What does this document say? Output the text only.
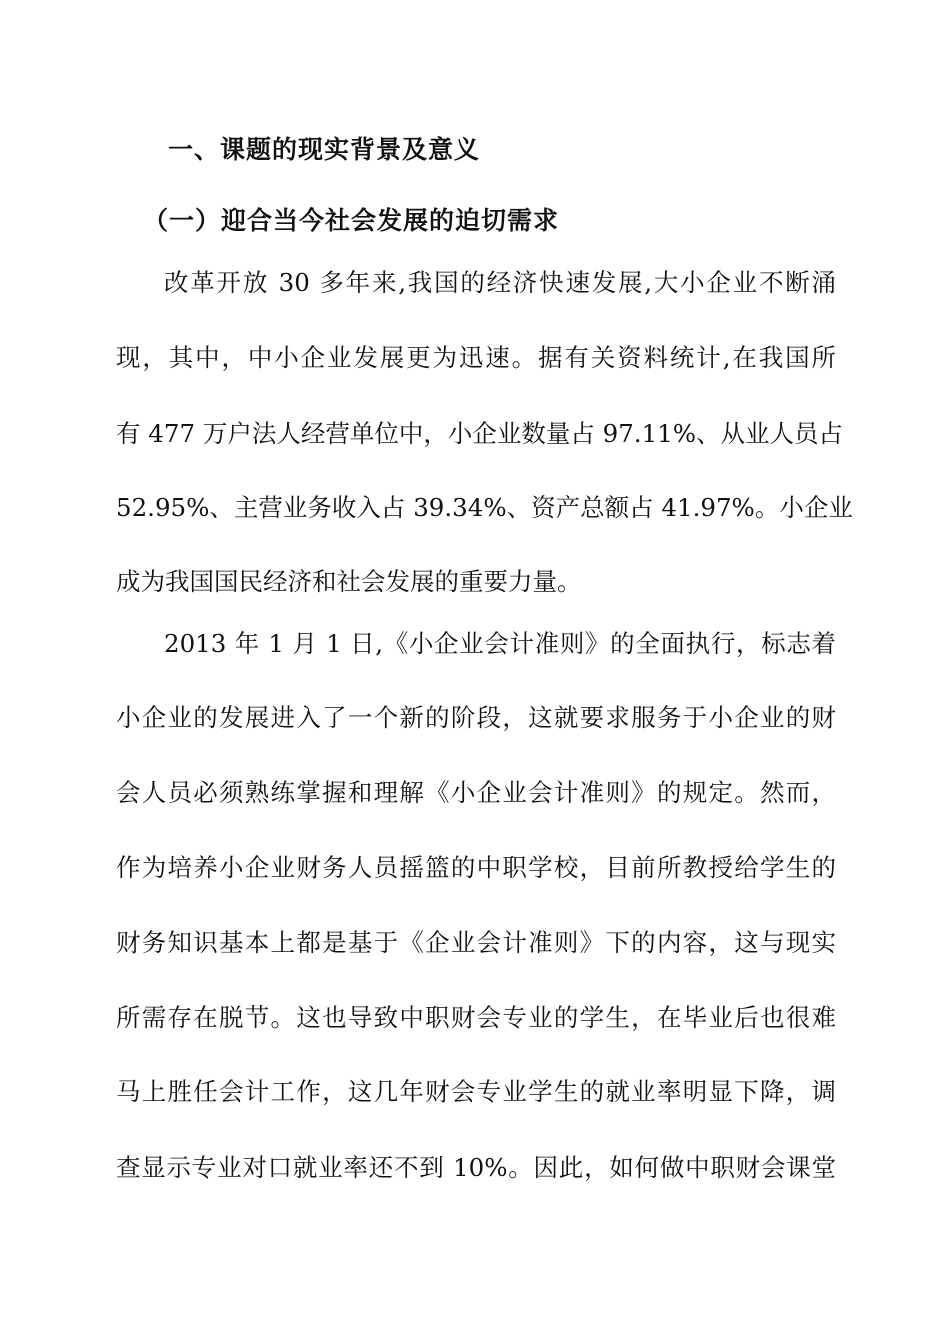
一、课题的现实背景及意义
（一）迎合当今社会发展的迫切需求
改革开放 30 多年来,我国的经济快速发展,大小企业不断涌
现，其中，中小企业发展更为迅速。据有关资料统计,在我国所
有 477 万户法人经营单位中，小企业数量占 97.11%、从业人员占
52.95%、主营业务收入占 39.34%、资产总额占 41.97%。小企业
成为我国国民经济和社会发展的重要力量。
2013 年 1 月 1 日,《小企业会计准则》的全面执行，标志着
小企业的发展进入了一个新的阶段，这就要求服务于小企业的财
会人员必须熟练掌握和理解《小企业会计准则》的规定。然而，
作为培养小企业财务人员摇篮的中职学校，目前所教授给学生的
财务知识基本上都是基于《企业会计准则》下的内容，这与现实
所需存在脱节。这也导致中职财会专业的学生，在毕业后也很难
马上胜任会计工作，这几年财会专业学生的就业率明显下降，调
查显示专业对口就业率还不到 10%。因此，如何做中职财会课堂
